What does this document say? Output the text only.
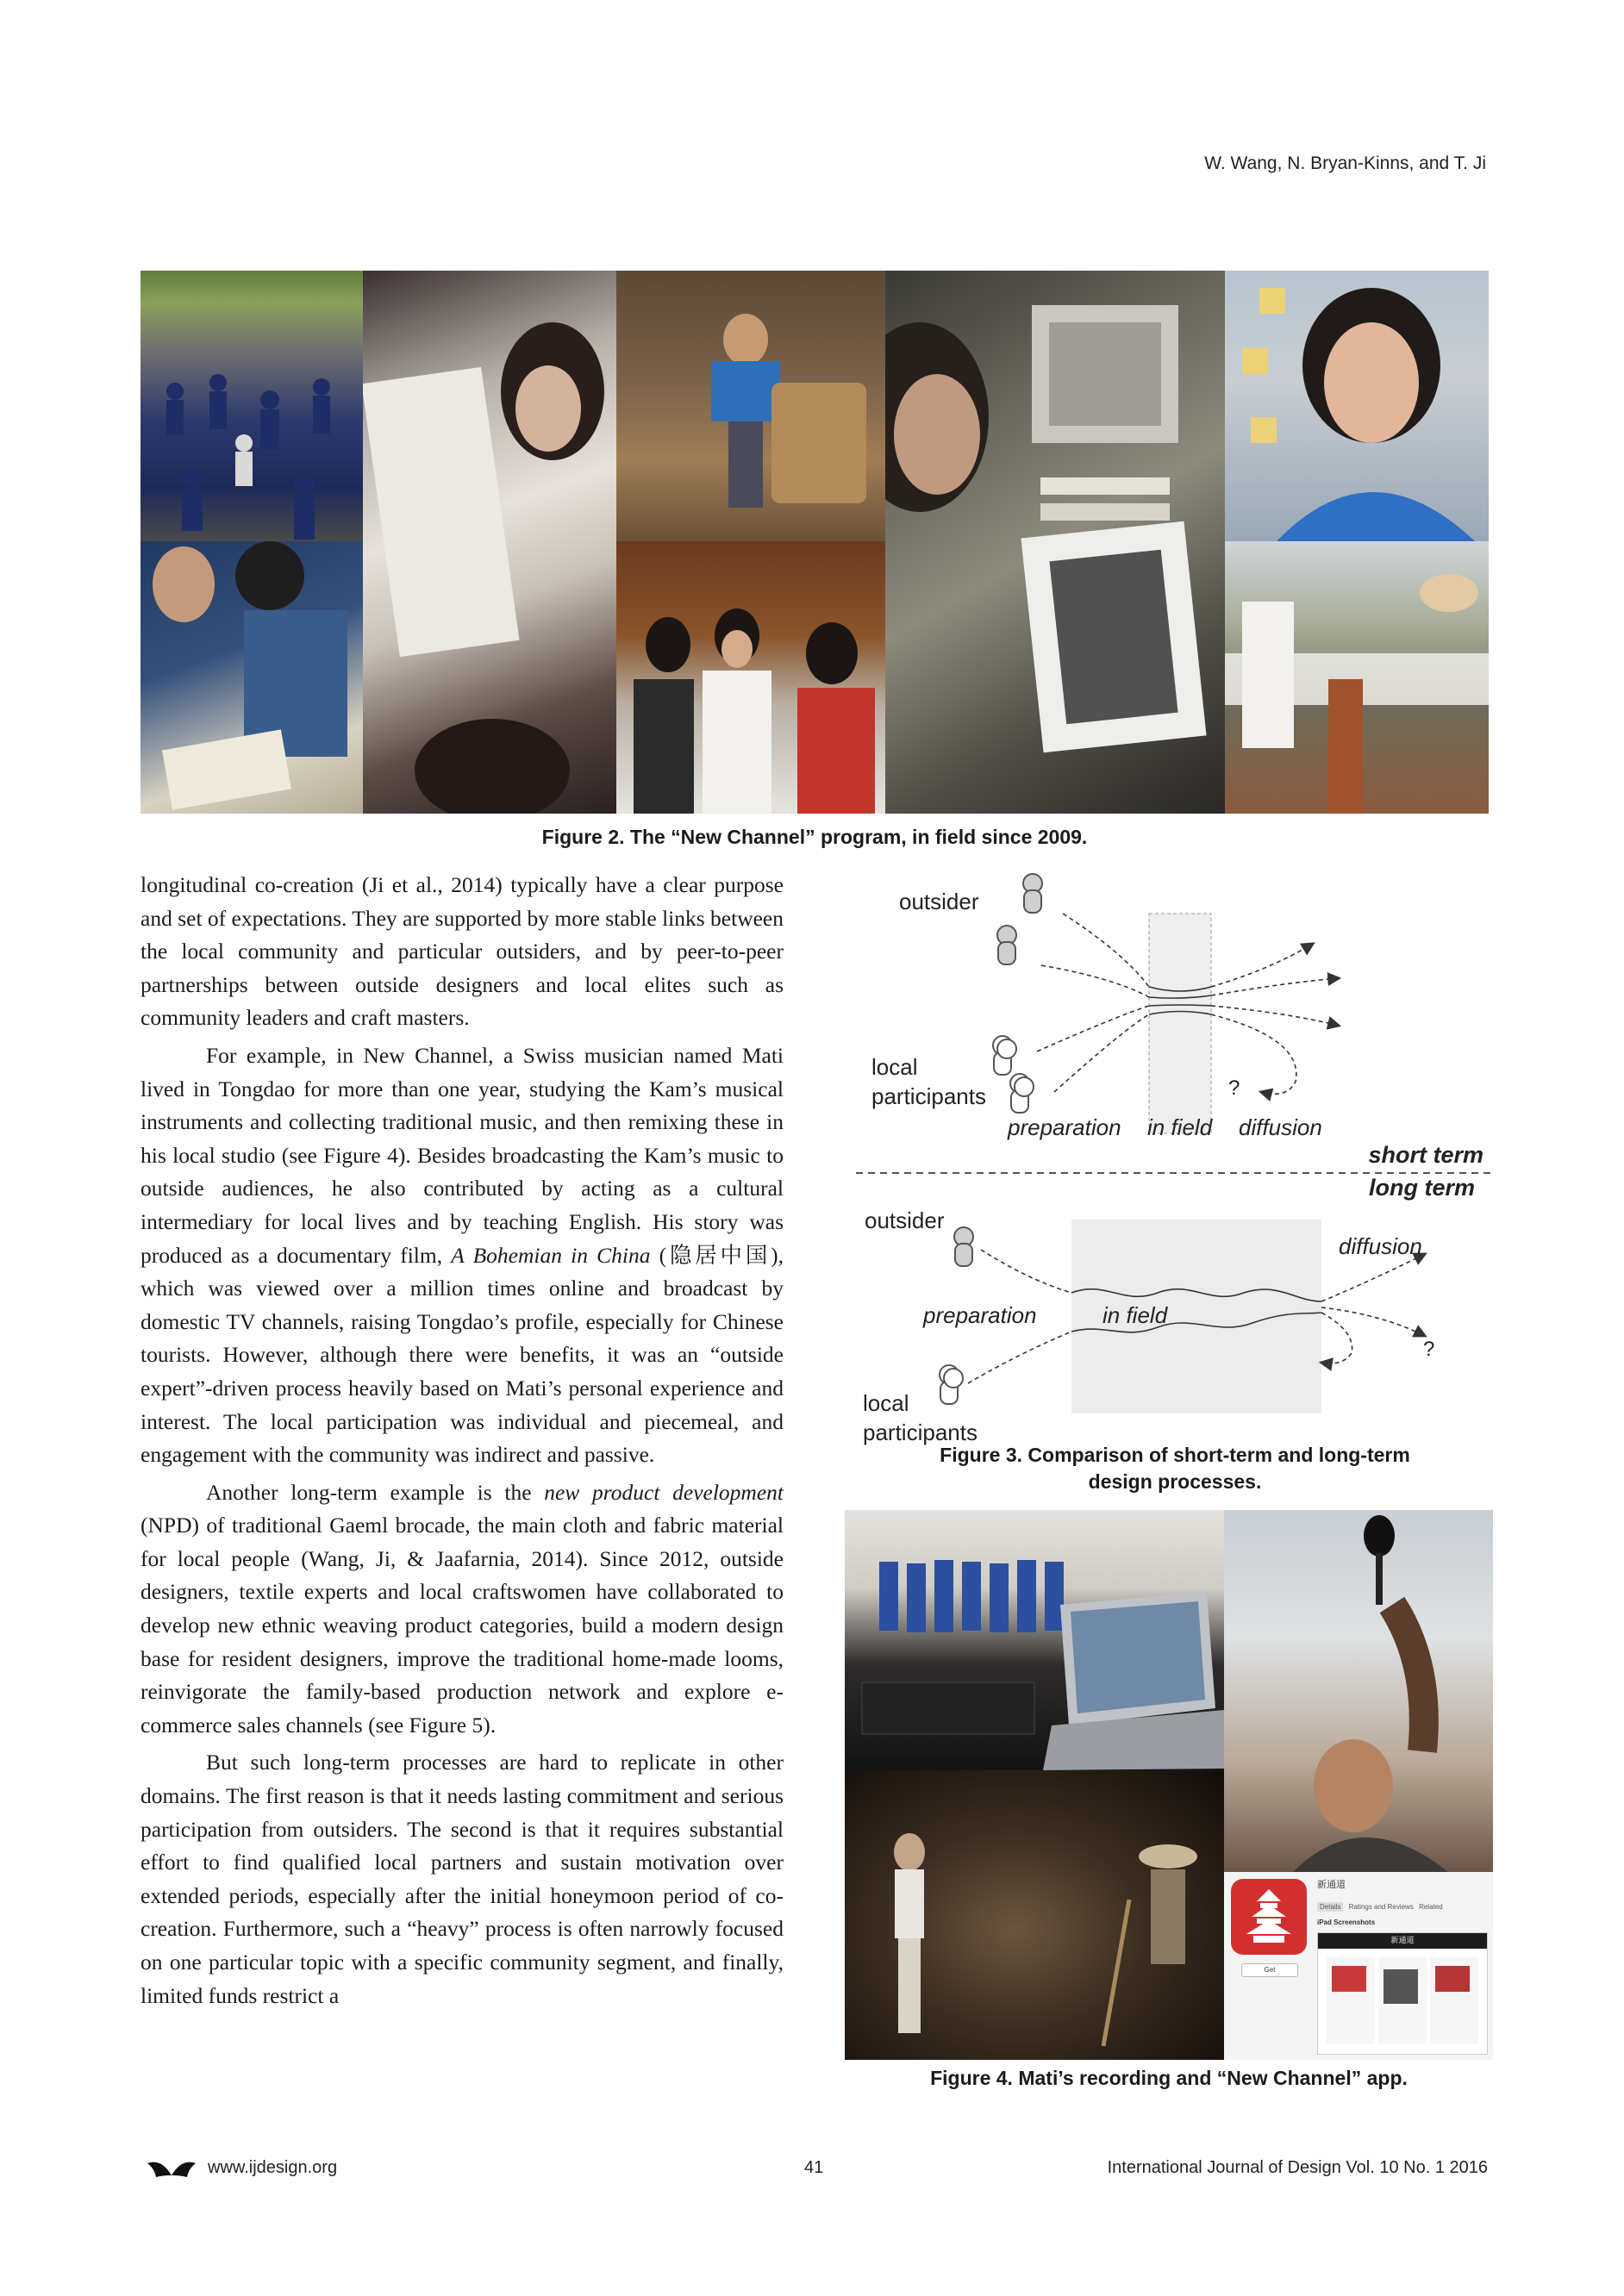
W. Wang, N. Bryan-Kinns, and T. Ji
Figure 2. The “New Channel” program, in field since 2009.

longitudinal co-creation (Ji et al., 2014) typically have a clear purpose and set of expectations. They are supported by more stable links between the local community and particular outsiders, and by peer-to-peer partnerships between outside designers and local elites such as community leaders and craft masters.

For example, in New Channel, a Swiss musician named Mati lived in Tongdao for more than one year, studying the Kam’s musical instruments and collecting traditional music, and then remixing these in his local studio (see Figure 4). Besides broadcasting the Kam’s music to outside audiences, he also contributed by acting as a cultural intermediary for local lives and by teaching English. His story was produced as a documentary film, A Bohemian in China (隐居中国), which was viewed over a million times online and broadcast by domestic TV channels, raising Tongdao’s profile, especially for Chinese tourists. However, although there were benefits, it was an “outside expert”-driven process heavily based on Mati’s personal experience and interest. The local participation was individual and piecemeal, and engagement with the community was indirect and passive.

Another long-term example is the new product development (NPD) of traditional Gaeml brocade, the main cloth and fabric material for local people (Wang, Ji, & Jaafarnia, 2014). Since 2012, outside designers, textile experts and local craftswomen have collaborated to develop new ethnic weaving product categories, build a modern design base for resident designers, improve the traditional home-made looms, reinvigorate the family-based production network and explore e-commerce sales channels (see Figure 5).

But such long-term processes are hard to replicate in other domains. The first reason is that it needs lasting commitment and serious participation from outsiders. The second is that it requires substantial effort to find qualified local partners and sustain motivation over extended periods, especially after the initial honeymoon period of co-creation. Furthermore, such a “heavy” process is often narrowly focused on one particular topic with a specific community segment, and finally, limited funds restrict a

outsider
local
participants	?
preparation in field diffusion
short term
long term
outsider
local
participants
?
preparation	in field
diffusion
Figure 3. Comparison of short-term and long-term
design processes.
新通道
Details Ratings and Reviews Related
iPad Screenshots
Get
新通道
Figure 4. Mati’s recording and “New Channel” app.
www.ijdesign.org	41	International Journal of Design Vol. 10 No. 1 2016
